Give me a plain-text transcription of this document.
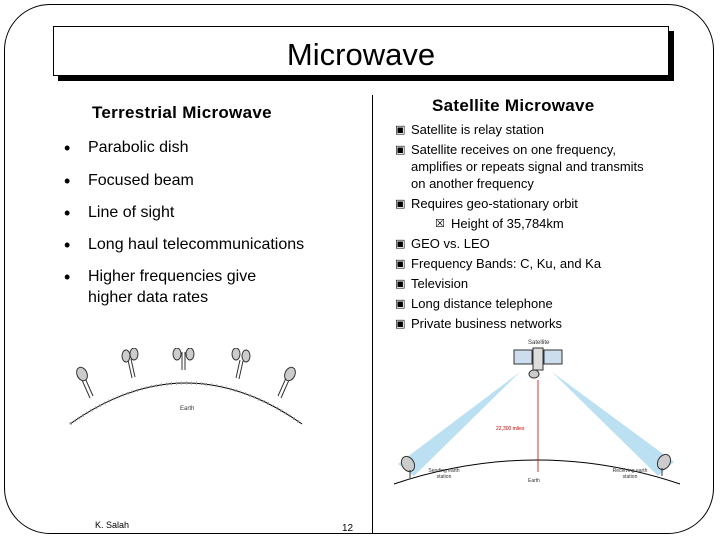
Microwave
Terrestrial Microwave
• Parabolic dish
• Focused beam
• Line of sight
• Long haul telecommunications
• Higher frequencies give higher data rates
Satellite Microwave
▣ Satellite is relay station
▣ Satellite receives on one frequency, amplifies or repeats signal and transmits on another frequency
▣ Requires geo-stationary orbit
☒ Height of 35,784km
▣ GEO vs. LEO
▣ Frequency Bands: C, Ku, and Ka
▣ Television
▣ Long distance telephone
▣ Private business networks
Earth
Satellite
22,300 miles
Sending earth station
Receiving earth station
Earth
K. Salah	12
